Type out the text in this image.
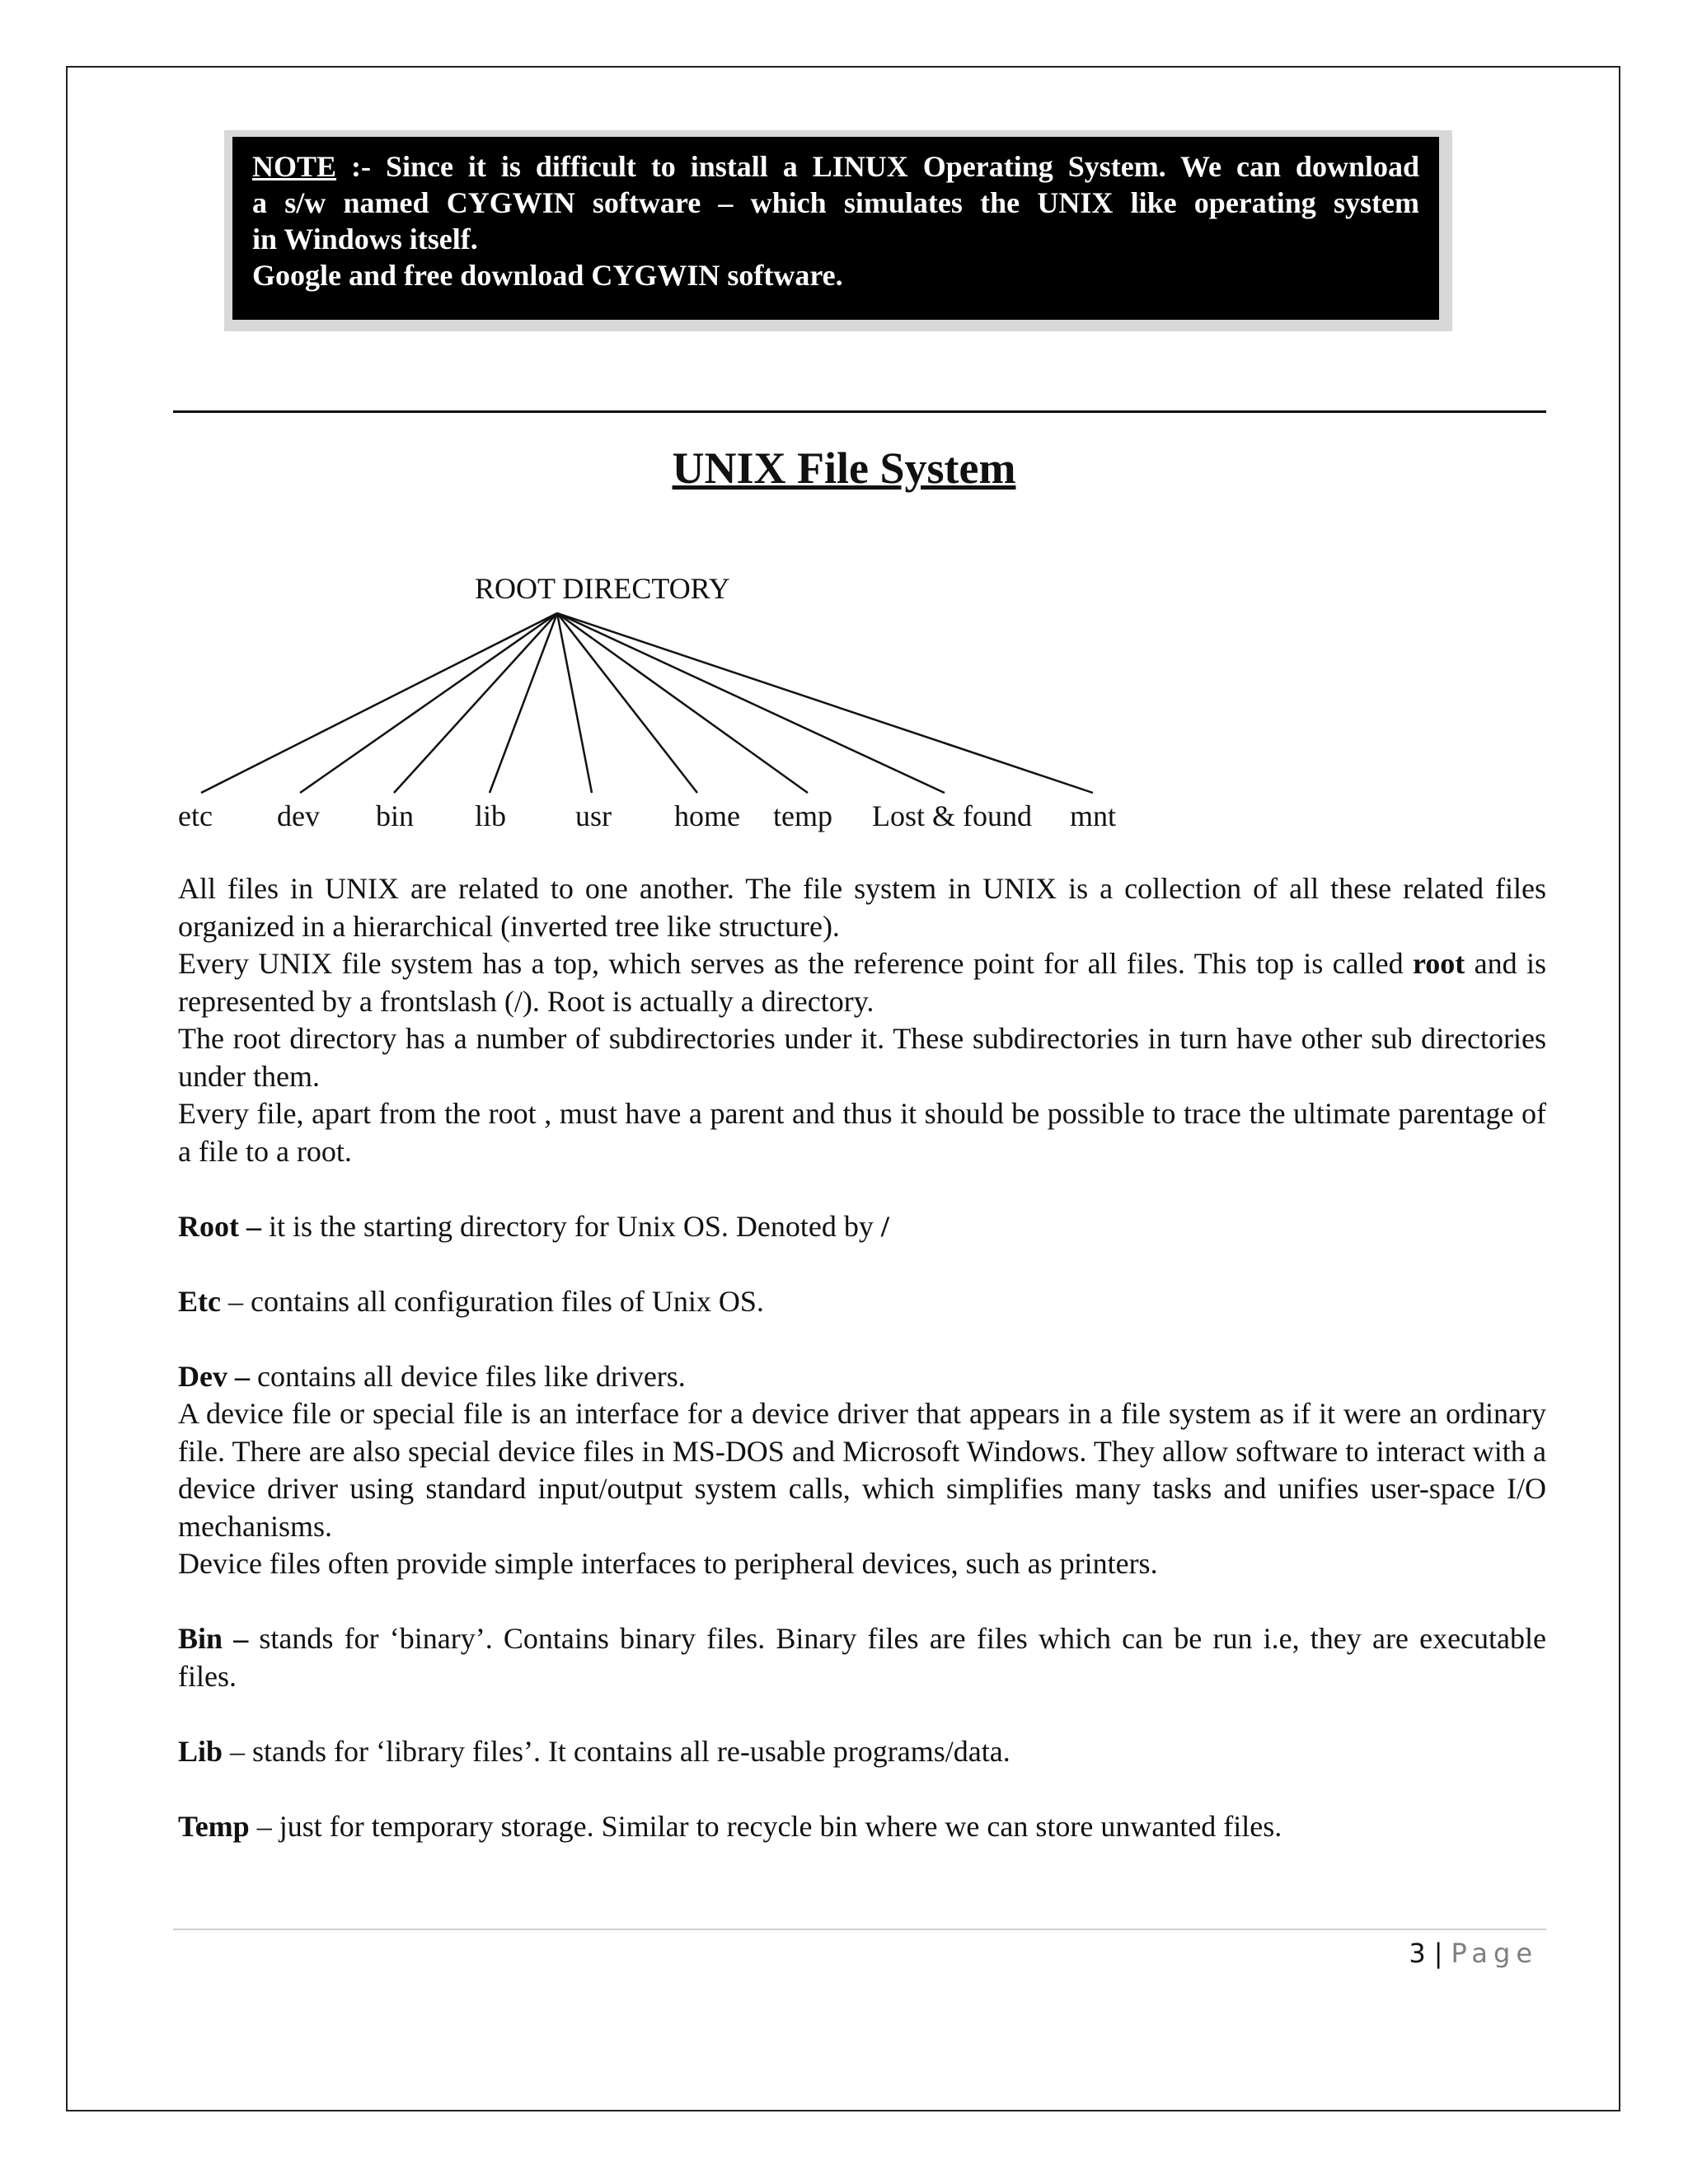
NOTE :- Since it is difficult to install a LINUX Operating System. We can download
a s/w named CYGWIN software – which simulates the UNIX like operating system
in Windows itself.
Google and free download CYGWIN software.
UNIX File System
ROOT DIRECTORY
etc dev bin lib usr home temp Lost & found mnt

All files in UNIX are related to one another. The file system in UNIX is a collection of all these related files organized in a hierarchical (inverted tree like structure).

Every UNIX file system has a top, which serves as the reference point for all files. This top is called root and is represented by a frontslash (/). Root is actually a directory.

The root directory has a number of subdirectories under it. These subdirectories in turn have other sub directories under them.

Every file, apart from the root , must have a parent and thus it should be possible to trace the ultimate parentage of a file to a root.

Root – it is the starting directory for Unix OS. Denoted by /

Etc – contains all configuration files of Unix OS.

Dev – contains all device files like drivers.

A device file or special file is an interface for a device driver that appears in a file system as if it were an ordinary file. There are also special device files in MS-DOS and Microsoft Windows. They allow software to interact with a device driver using standard input/output system calls, which simplifies many tasks and unifies user-space I/O mechanisms.

Device files often provide simple interfaces to peripheral devices, such as printers.

Bin – stands for ‘binary’. Contains binary files. Binary files are files which can be run i.e, they are executable files.

Lib – stands for ‘library files’. It contains all re-usable programs/data.

Temp – just for temporary storage. Similar to recycle bin where we can store unwanted files.

3 | Page
